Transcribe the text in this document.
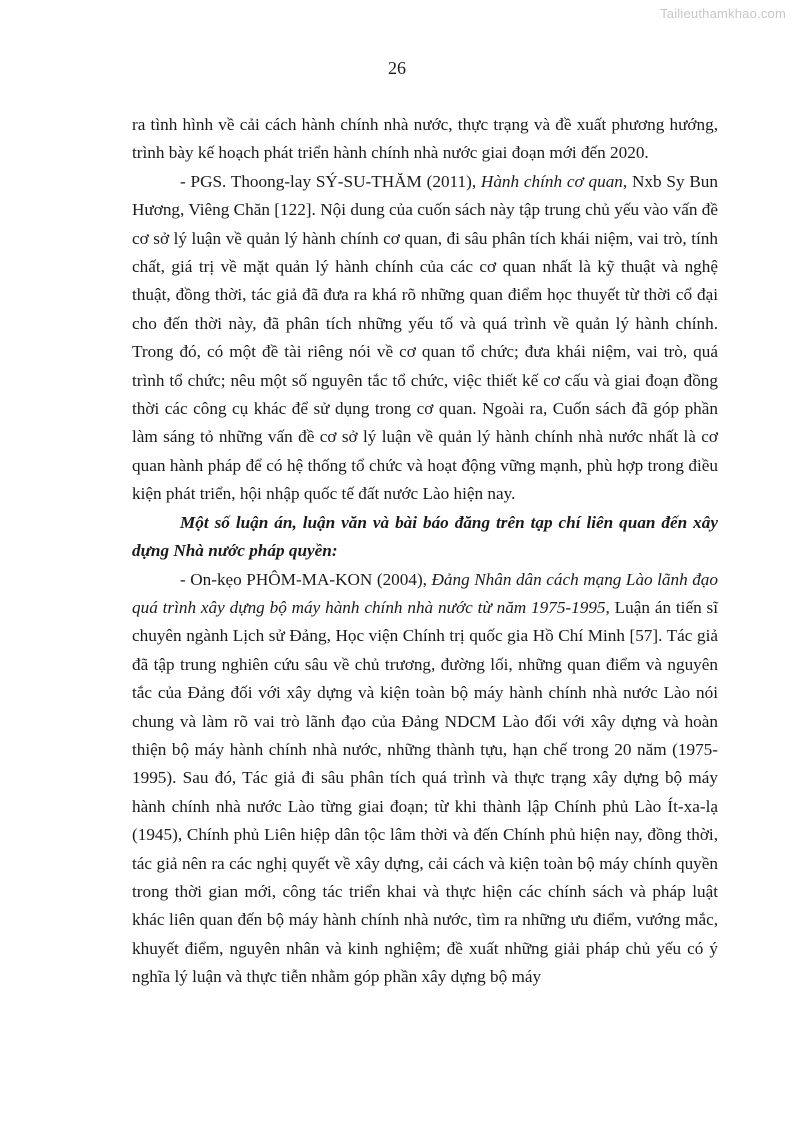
Tailieuthamkhao.com
26

ra tình hình về cải cách hành chính nhà nước, thực trạng và đề xuất phương hướng, trình bày kế hoạch phát triển hành chính nhà nước giai đoạn mới đến 2020.

- PGS. Thoong-lay SÝ-SU-THĂM (2011), Hành chính cơ quan, Nxb Sy Bun Hương, Viêng Chăn [122]. Nội dung của cuốn sách này tập trung chủ yếu vào vấn đề cơ sở lý luận về quản lý hành chính cơ quan, đi sâu phân tích khái niệm, vai trò, tính chất, giá trị về mặt quản lý hành chính của các cơ quan nhất là kỹ thuật và nghệ thuật, đồng thời, tác giả đã đưa ra khá rõ những quan điểm học thuyết từ thời cổ đại cho đến thời này, đã phân tích những yếu tố và quá trình về quản lý hành chính. Trong đó, có một đề tài riêng nói về cơ quan tổ chức; đưa khái niệm, vai trò, quá trình tổ chức; nêu một số nguyên tắc tổ chức, việc thiết kế cơ cấu và giai đoạn đồng thời các công cụ khác để sử dụng trong cơ quan. Ngoài ra, Cuốn sách đã góp phần làm sáng tỏ những vấn đề cơ sở lý luận về quản lý hành chính nhà nước nhất là cơ quan hành pháp để có hệ thống tổ chức và hoạt động vững mạnh, phù hợp trong điều kiện phát triển, hội nhập quốc tế đất nước Lào hiện nay.

Một số luận án, luận văn và bài báo đăng trên tạp chí liên quan đến xây dựng Nhà nước pháp quyền:

- On-kẹo PHÔM-MA-KON (2004), Đảng Nhân dân cách mạng Lào lãnh đạo quá trình xây dựng bộ máy hành chính nhà nước từ năm 1975-1995, Luận án tiến sĩ chuyên ngành Lịch sử Đảng, Học viện Chính trị quốc gia Hồ Chí Minh [57]. Tác giả đã tập trung nghiên cứu sâu về chủ trương, đường lối, những quan điểm và nguyên tắc của Đảng đối với xây dựng và kiện toàn bộ máy hành chính nhà nước Lào nói chung và làm rõ vai trò lãnh đạo của Đảng NDCM Lào đối với xây dựng và hoàn thiện bộ máy hành chính nhà nước, những thành tựu, hạn chế trong 20 năm (1975-1995). Sau đó, Tác giả đi sâu phân tích quá trình và thực trạng xây dựng bộ máy hành chính nhà nước Lào từng giai đoạn; từ khi thành lập Chính phủ Lào Ít-xa-lạ (1945), Chính phủ Liên hiệp dân tộc lâm thời và đến Chính phủ hiện nay, đồng thời, tác giả nên ra các nghị quyết về xây dựng, cải cách và kiện toàn bộ máy chính quyền trong thời gian mới, công tác triển khai và thực hiện các chính sách và pháp luật khác liên quan đến bộ máy hành chính nhà nước, tìm ra những ưu điểm, vướng mắc, khuyết điểm, nguyên nhân và kinh nghiệm; đề xuất những giải pháp chủ yếu có ý nghĩa lý luận và thực tiễn nhằm góp phần xây dựng bộ máy
